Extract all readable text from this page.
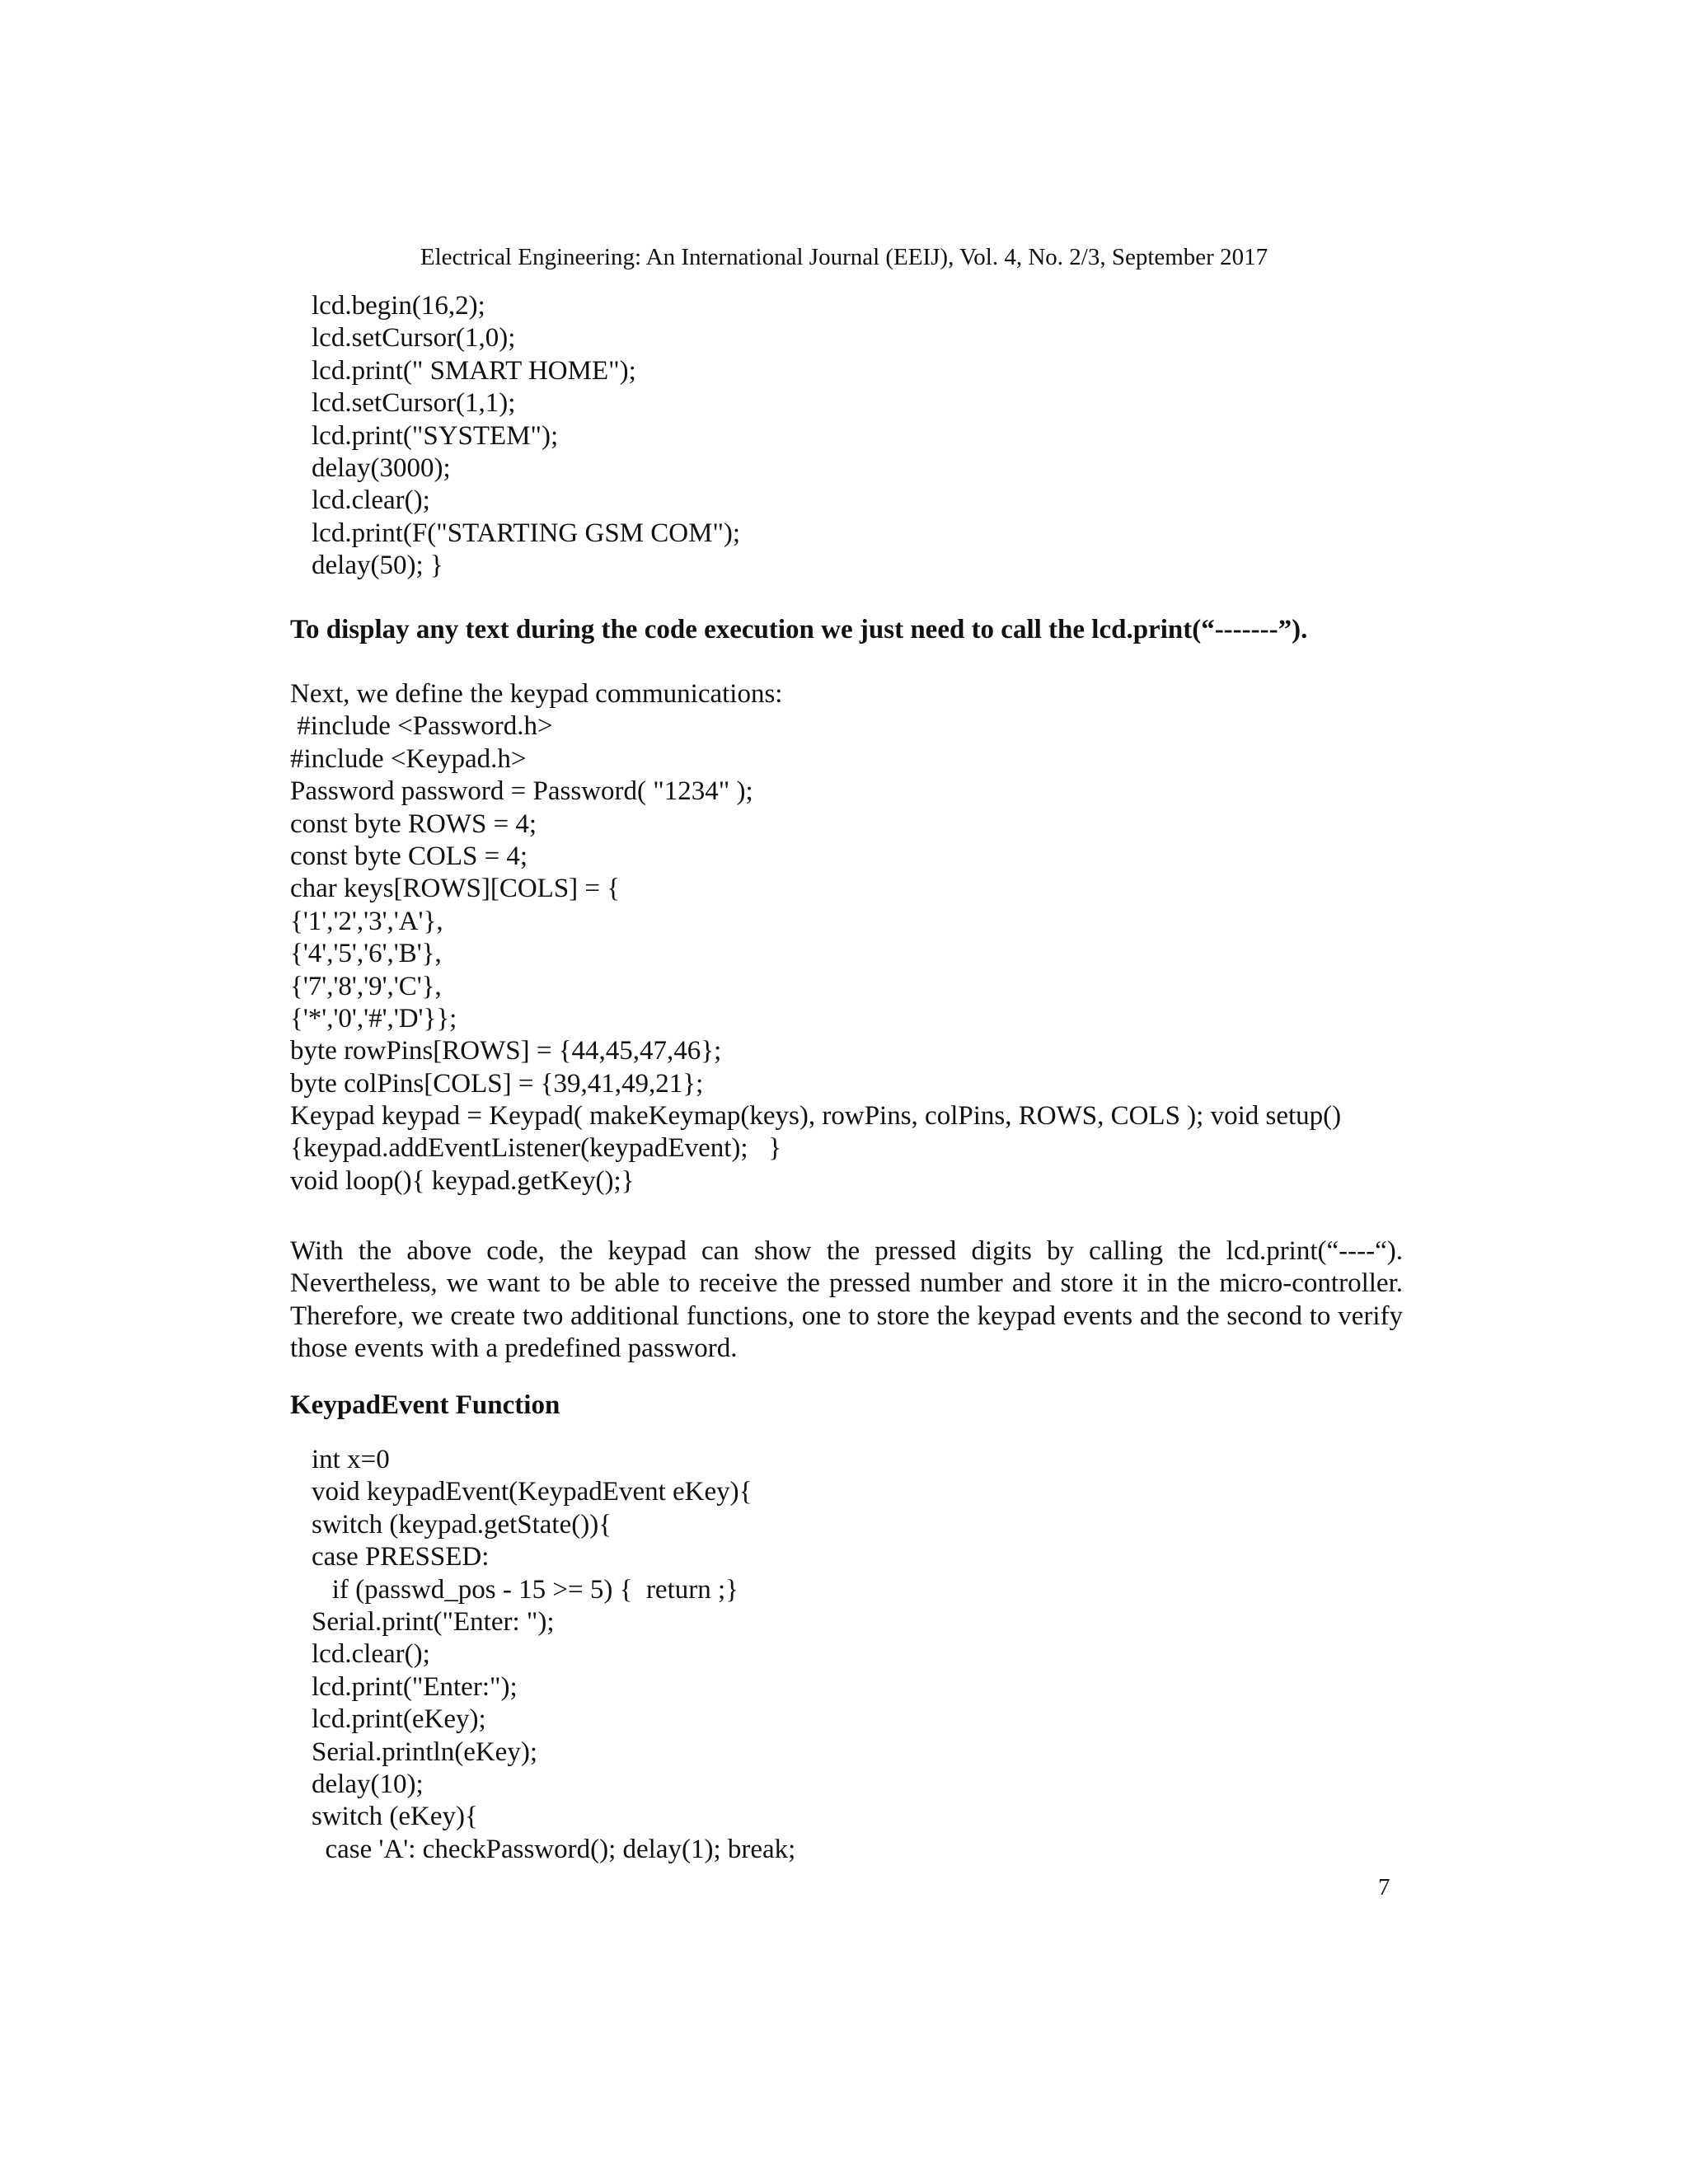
Electrical Engineering: An International Journal (EEIJ), Vol. 4, No. 2/3, September 2017
lcd.begin(16,2);
lcd.setCursor(1,0);
lcd.print(" SMART HOME");
lcd.setCursor(1,1);
lcd.print("SYSTEM");
delay(3000);
lcd.clear();
lcd.print(F("STARTING GSM COM");
delay(50); }
To display any text during the code execution we just need to call the lcd.print(“-------”).
Next, we define the keypad communications:
#include <Password.h>
#include <Keypad.h>
Password password = Password( "1234" );
const byte ROWS = 4;
const byte COLS = 4;
char keys[ROWS][COLS] = {
{'1','2','3','A'},
{'4','5','6','B'},
{'7','8','9','C'},
{'*','0','#','D'}};
byte rowPins[ROWS] = {44,45,47,46};
byte colPins[COLS] = {39,41,49,21};
Keypad keypad = Keypad( makeKeymap(keys), rowPins, colPins, ROWS, COLS ); void setup()
{keypad.addEventListener(keypadEvent);   }
void loop(){ keypad.getKey();}
With the above code, the keypad can show the pressed digits by calling the lcd.print(“----“). Nevertheless, we want to be able to receive the pressed number and store it in the micro-controller. Therefore, we create two additional functions, one to store the keypad events and the second to verify those events with a predefined password.
KeypadEvent Function
int x=0
void keypadEvent(KeypadEvent eKey){
switch (keypad.getState()){
case PRESSED:
if (passwd_pos - 15 >= 5) {  return ;}
Serial.print("Enter: ");
lcd.clear();
lcd.print("Enter:");
lcd.print(eKey);
Serial.println(eKey);
delay(10);
switch (eKey){
case 'A': checkPassword(); delay(1); break;
7
